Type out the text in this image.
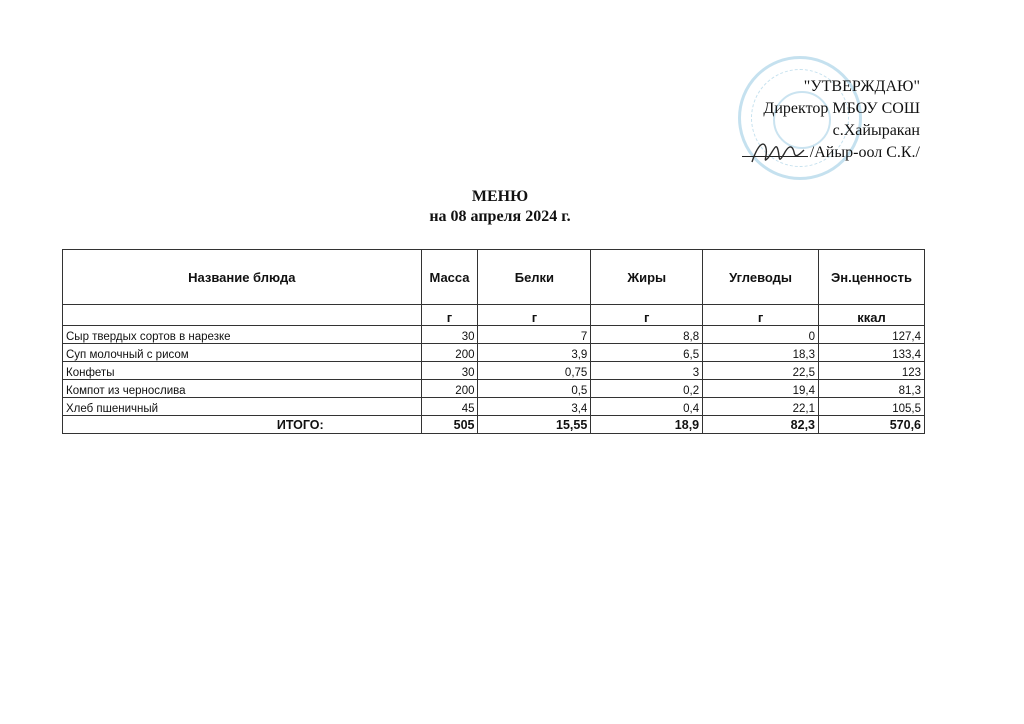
"УТВЕРЖДАЮ"
Директор МБОУ СОШ
с.Хайыракан
/Айыр-оол С.К./
МЕНЮ
на 08 апреля 2024 г.
Название блюда	Масса	Белки	Жиры	Углеводы	Эн.ценность
	г	г	г	г	ккал
Сыр твердых сортов в нарезке	30	7	8,8	0	127,4
Суп молочный с рисом	200	3,9	6,5	18,3	133,4
Конфеты	30	0,75	3	22,5	123
Компот из чернослива	200	0,5	0,2	19,4	81,3
Хлеб пшеничный	45	3,4	0,4	22,1	105,5
ИТОГО:	505	15,55	18,9	82,3	570,6
